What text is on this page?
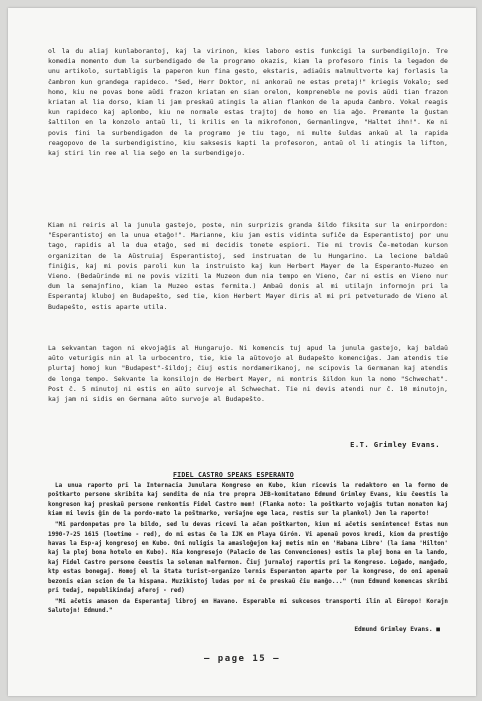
ol la du aliaj kunlaborantoj, kaj la virinon, kies laboro estis funkcigi la surbendigilojn. Tre komedia momento dum la surbendigado de la programo okazis, kiam la profesoro finis la legadon de unu artikolo, surtabligis la paperon kun fina gesto, ekstaris, adiaŭis malmultvorte kaj forlasis la ĉambron kun grandega rapideco. "Sed, Herr Doktor, ni ankoraŭ ne estas pretaj!" kriegis Vokalo; sed homo, kiu ne povas bone aŭdi frazon kriatan en sian orelon, kompreneble ne povis aŭdi tian frazon kriatan al lia dorso, kiam li jam preskaŭ atingis la alian flankon de la apuda ĉambro. Vokal reagis kun rapideco kaj aplombo, kiu ne normale estas trajtoj de homo en lia aĝo. Premante la ĝustan ŝaltilon en la konzolo antaŭ li, li krilis en la mikrofonon, Germanlingve, "Haltet ihn!". Ke ni povis fini la surbendigadon de la programo je tiu tago, ni multe ŝuldas ankaŭ al la rapida reagopovo de la surbendigistino, kiu saksesis kapti la profesoron, antaŭ ol li atingis la lifton, kaj stiri lin ree al lia seĝo en la surbendigejo.

Kiam ni reiris al la junula gastejo, poste, nin surprizis granda ŝildo fiksita sur la enirpordon: "Esperantistoj en la unua etaĝo!". Marianne, kiu jam estis vidinta sufiĉe da Esperantistoj por unu tago, rapidis al la dua etaĝo, sed mi decidis tonete espiori. Tie mi trovis Ĉe-metodan kurson organizitan de la Aŭstruiaj Esperantistoj, sed instruatan de lu Hungarino. La lecione baldaŭ finiĝis, kaj mi povis paroli kun la instruisto kaj kun Herbert Mayer de la Esperanto-Muzeo en Vieno. (Bedaŭrinde mi ne povis viziti la Muzeon dum nia tempo en Vieno, ĉar ni estis en Vieno nur dum la semajnfino, kiam la Muzeo estas fermita.) Ambaŭ donis al mi utilajn informojn pri la Esperantaj kluboj en Budapeŝto, sed tie, kion Herbert Mayer diris al mi pri petveturado de Vieno al Budapeŝto, estis aparte utila.

La sekvantan tagon ni ekvojaĝis al Hungarujo. Ni komencis tuj apud la junula gastejo, kaj baldaŭ aŭto veturigis nin al la urbocentro, tie, kie la aŭtovojo al Budapeŝto komenciĝas. Jam atendis tie plurtaj homoj kun "Budapest"-ŝildoj; ĉiuj estis nordamerikanoj, ne scipovis la Germanan kaj atendis de longa tempo. Sekvante la konsilojn de Herbert Mayer, ni montris ŝildon kun la nomo "Schwechat". Post ĉ. 5 minutoj ni estis en aŭto survoje al Schwechat. Tie ni devis atendi nur ĉ. 10 minutojn, kaj jam ni sidis en Germana aŭto survoje al Budapeŝto.

E.T. Grimley Evans.
FIDEL CASTRO SPEAKS ESPERANTO

La unua raporto pri la Internacia Junulara Kongreso en Kubo, kiun ricevis la redaktoro en la formo de poŝtkarto persone skribita kaj sendita de nia tre propra JEB-komitatano Edmund Grimley Evans, kiu ĉeestis la kongreson kaj preskaŭ persone renkontis Fidel Castro mem! (Flanka noto: la poŝtkarto vojaĝis tutan monaton kaj kiam mi levis ĝin de la pordo-mato la poŝtmarko, verŝajne ege laca, restis sur la plankol) Jen la raporto!

"Mi pardonpetas pro la bildo, sed lu devas ricevi la aĉan poŝtkarton, kiun mi aĉetis senintence! Estas nun 1990-7-25 1615 (loetime - red), do mi estas ĉe la IJK en Playa Girón. Vi apenaŭ povos kredi, kiom da prestiĝo havas la Esp-aj kongresoj en Kubo. Oni nuligis la amasloĝejon kaj metis min en 'Habana Libre' (la iama 'Hilton' kaj la plej bona hotelo en Kubo). Nia kongresejo (Palacio de las Convenciones) estis la plej bona en la lando, kaj Fidel Castro persone ĉeestis la solenan malfermon. Ĉiuj ĵurnaloj raportis pri la Kongreso. Loĝado, manĝado, ktp estas bonegaj. Homoj el la ŝtata turist-organizo lernis Esperanton aparte por la kongreso, do oni apenaŭ bezonis eian scion de la hispana. Muzikistoj ludas por ni ĉe preskaŭ ĉiu manĝo..." (nun Edmund komencas skribi pri tedaj, nepublikindaj aferoj - red)

"Mi aĉetis amason da Esperantaj libroj en Havano. Esperable mi sukcesos transporti ilin al Eŭropo! Korajn Salutojn! Edmund."

Edmund Grimley Evans. ■
— page 15 —
